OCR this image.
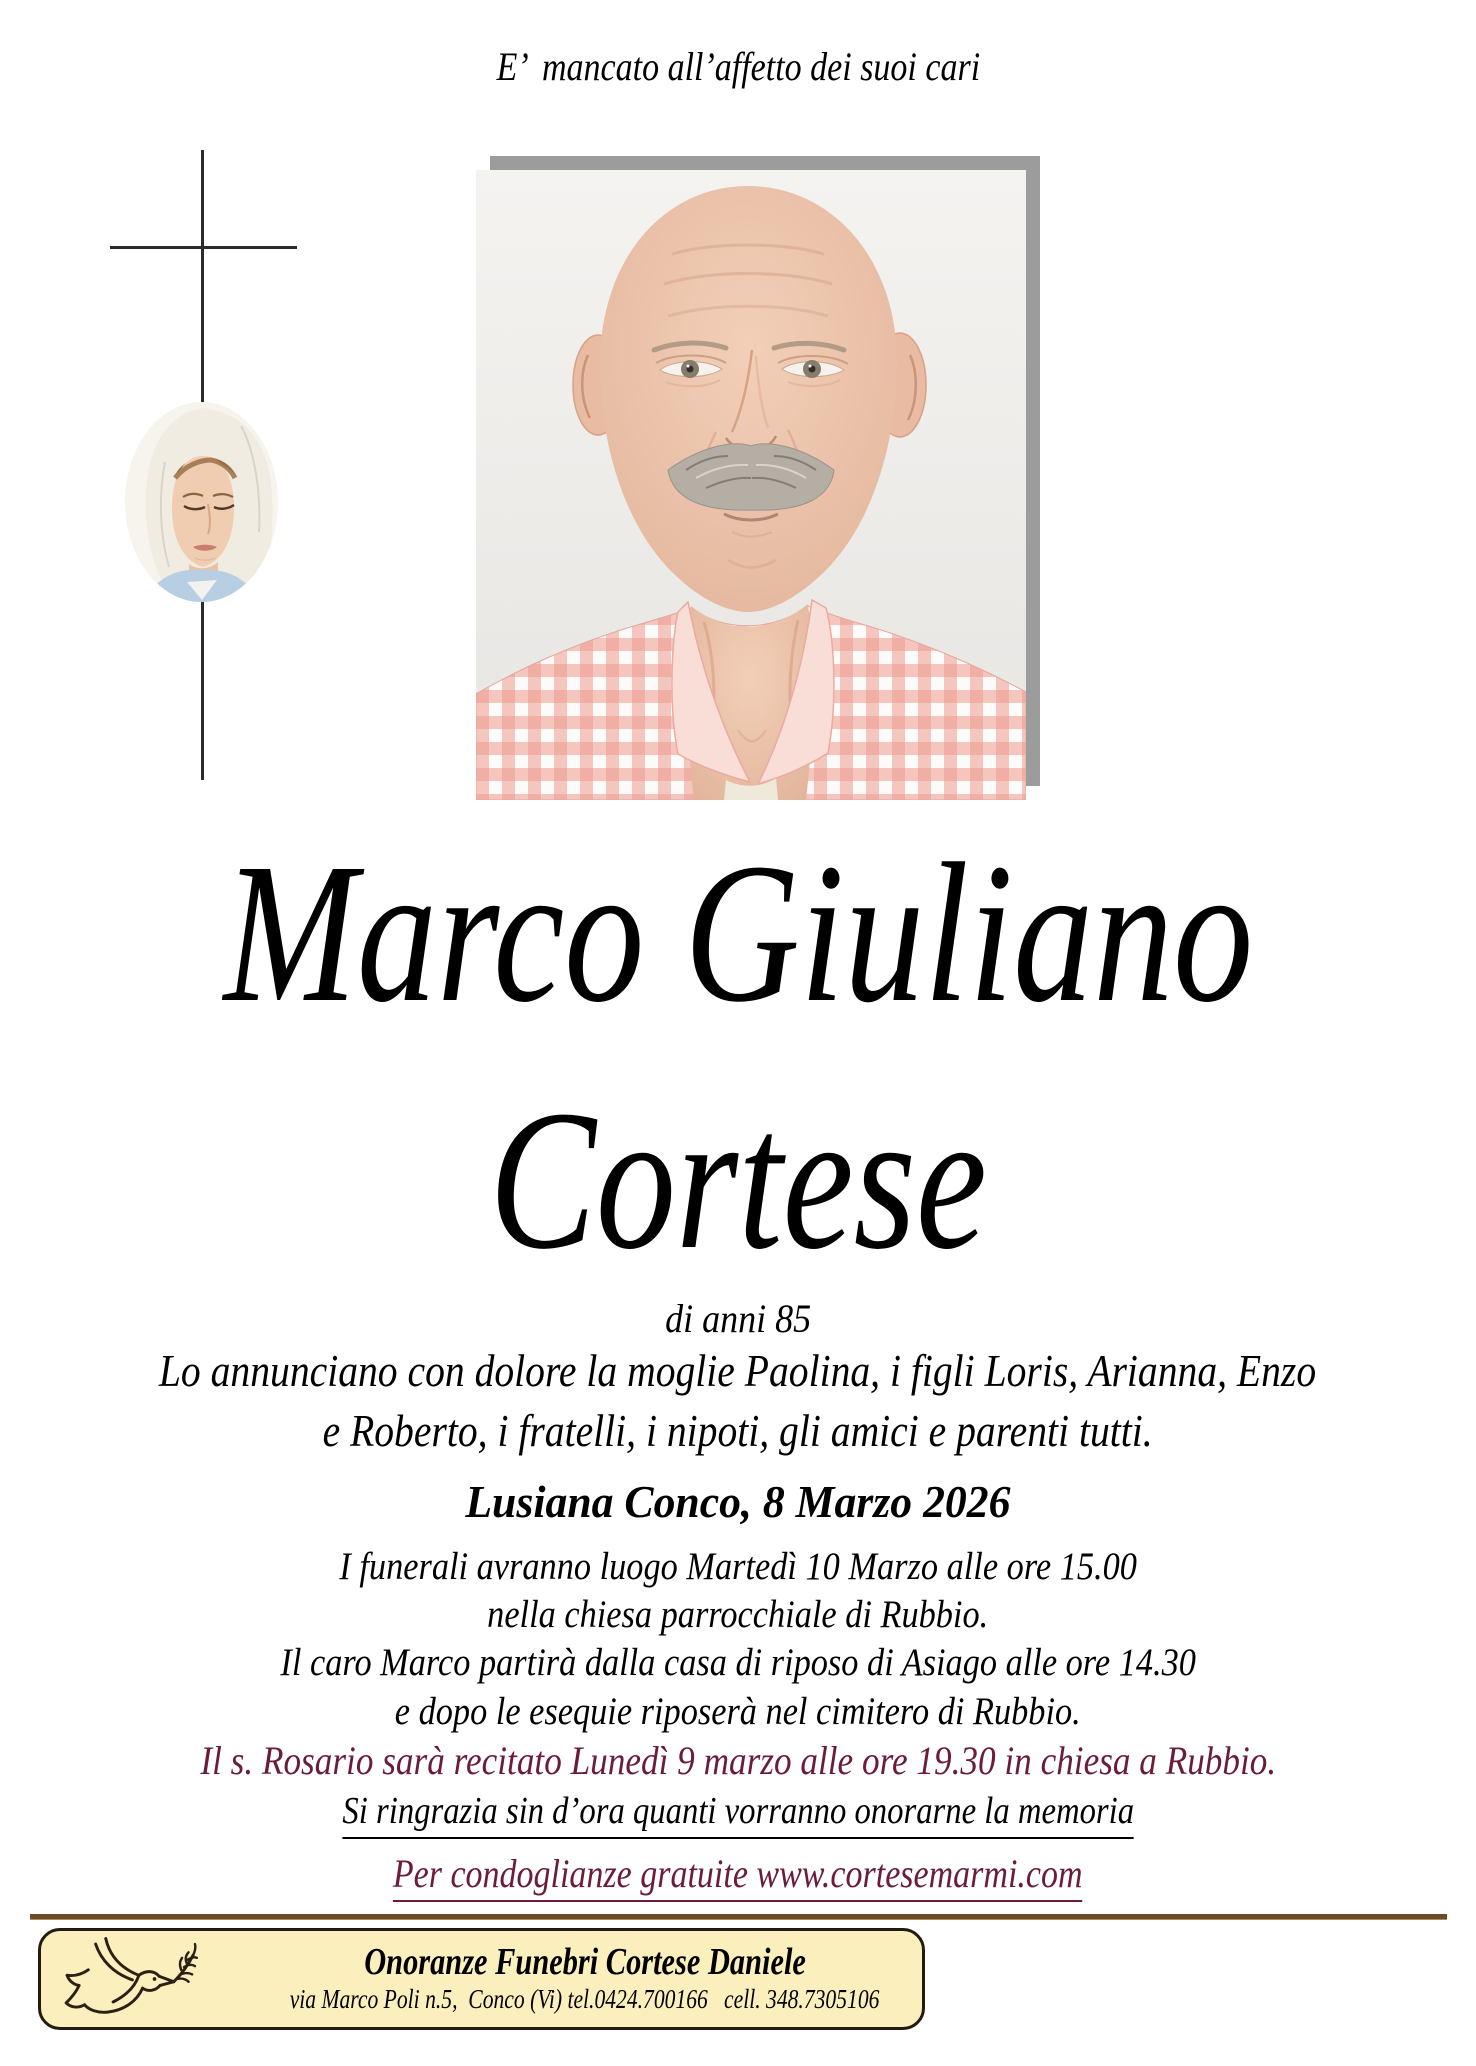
E’  mancato all’affetto dei suoi cari
Marco Giuliano
Cortese
di anni 85
Lo annunciano con dolore la moglie Paolina, i figli Loris, Arianna, Enzo
e Roberto, i fratelli, i nipoti, gli amici e parenti tutti.
Lusiana Conco, 8 Marzo 2026
I funerali avranno luogo Martedì 10 Marzo alle ore 15.00
nella chiesa parrocchiale di Rubbio.
Il caro Marco partirà dalla casa di riposo di Asiago alle ore 14.30
e dopo le esequie riposerà nel cimitero di Rubbio.
Il s. Rosario sarà recitato Lunedì 9 marzo alle ore 19.30 in chiesa a Rubbio.
Si ringrazia sin d’ora quanti vorranno onorarne la memoria
Per condoglianze gratuite www.cortesemarmi.com
Onoranze Funebri Cortese Daniele
via Marco Poli n.5,  Conco (Vi) tel.0424.700166   cell. 348.7305106
